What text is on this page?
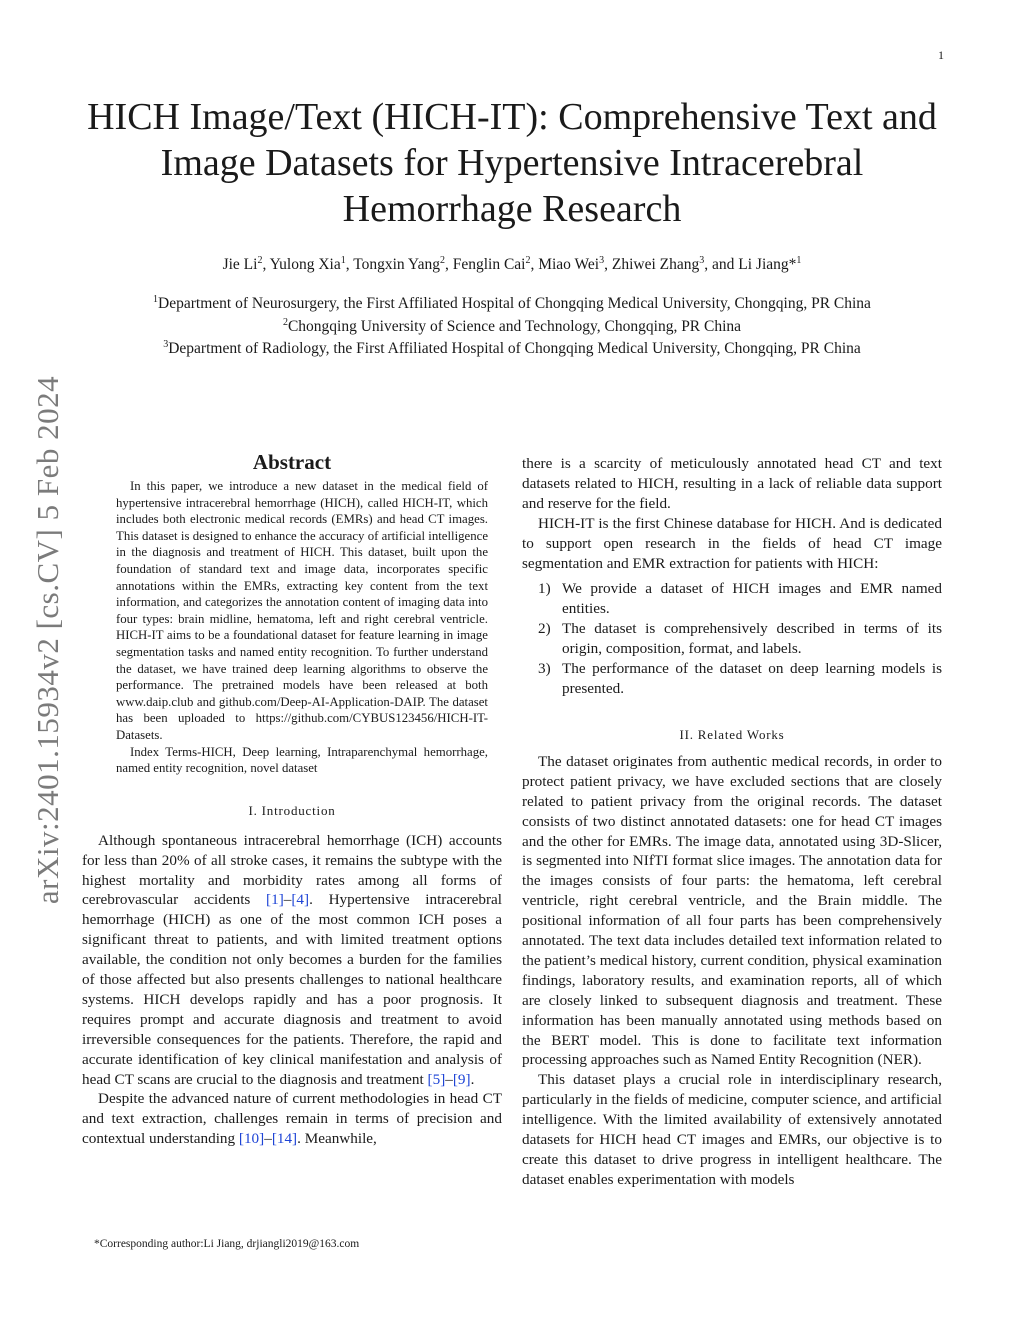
1
arXiv:2401.15934v2 [cs.CV] 5 Feb 2024
HICH Image/Text (HICH-IT): Comprehensive Text and Image Datasets for Hypertensive Intracerebral Hemorrhage Research
Jie Li$^2$, Yulong Xia$^1$, Tongxin Yang$^2$, Fenglin Cai$^2$, Miao Wei$^3$, Zhiwei Zhang$^3$, and Li Jiang*$^1$
$^1$Department of Neurosurgery, the First Affiliated Hospital of Chongqing Medical University, Chongqing, PR China
$^2$Chongqing University of Science and Technology, Chongqing, PR China
$^3$Department of Radiology, the First Affiliated Hospital of Chongqing Medical University, Chongqing, PR China
Abstract

In this paper, we introduce a new dataset in the medical field of hypertensive intracerebral hemorrhage (HICH), called HICH-IT, which includes both electronic medical records (EMRs) and head CT images. This dataset is designed to enhance the accuracy of artificial intelligence in the diagnosis and treatment of HICH. This dataset, built upon the foundation of standard text and image data, incorporates specific annotations within the EMRs, extracting key content from the text information, and categorizes the annotation content of imaging data into four types: brain midline, hematoma, left and right cerebral ventricle. HICH-IT aims to be a foundational dataset for feature learning in image segmentation tasks and named entity recognition. To further understand the dataset, we have trained deep learning algorithms to observe the performance. The pretrained models have been released at both www.daip.club and github.com/Deep-AI-Application-DAIP. The dataset has been uploaded to https://github.com/CYBUS123456/HICH-IT-Datasets.

Index Terms-HICH, Deep learning, Intraparenchymal hemorrhage, named entity recognition, novel dataset

I. Introduction

Although spontaneous intracerebral hemorrhage (ICH) accounts for less than 20% of all stroke cases, it remains the subtype with the highest mortality and morbidity rates among all forms of cerebrovascular accidents [1]–[4]. Hypertensive intracerebral hemorrhage (HICH) as one of the most common ICH poses a significant threat to patients, and with limited treatment options available, the condition not only becomes a burden for the families of those affected but also presents challenges to national healthcare systems. HICH develops rapidly and has a poor prognosis. It requires prompt and accurate diagnosis and treatment to avoid irreversible consequences for the patients. Therefore, the rapid and accurate identification of key clinical manifestation and analysis of head CT scans are crucial to the diagnosis and treatment [5]–[9].

Despite the advanced nature of current methodologies in head CT and text extraction, challenges remain in terms of precision and contextual understanding [10]–[14]. Meanwhile,

there is a scarcity of meticulously annotated head CT and text datasets related to HICH, resulting in a lack of reliable data support and reserve for the field.

HICH-IT is the first Chinese database for HICH. And is dedicated to support open research in the fields of head CT image segmentation and EMR extraction for patients with HICH:

1) We provide a dataset of HICH images and EMR named entities.
2) The dataset is comprehensively described in terms of its origin, composition, format, and labels.
3) The performance of the dataset on deep learning models is presented.
II. Related Works

The dataset originates from authentic medical records, in order to protect patient privacy, we have excluded sections that are closely related to patient privacy from the original records. The dataset consists of two distinct annotated datasets: one for head CT images and the other for EMRs. The image data, annotated using 3D-Slicer, is segmented into NIfTI format slice images. The annotation data for the images consists of four parts: the hematoma, left cerebral ventricle, right cerebral ventricle, and the Brain middle. The positional information of all four parts has been comprehensively annotated. The text data includes detailed text information related to the patient’s medical history, current condition, physical examination findings, laboratory results, and examination reports, all of which are closely linked to subsequent diagnosis and treatment. These information has been manually annotated using methods based on the BERT model. This is done to facilitate text information processing approaches such as Named Entity Recognition (NER).

This dataset plays a crucial role in interdisciplinary research, particularly in the fields of medicine, computer science, and artificial intelligence. With the limited availability of extensively annotated datasets for HICH head CT images and EMRs, our objective is to create this dataset to drive progress in intelligent healthcare. The dataset enables experimentation with models

*Corresponding author:Li Jiang, drjiangli2019@163.com
